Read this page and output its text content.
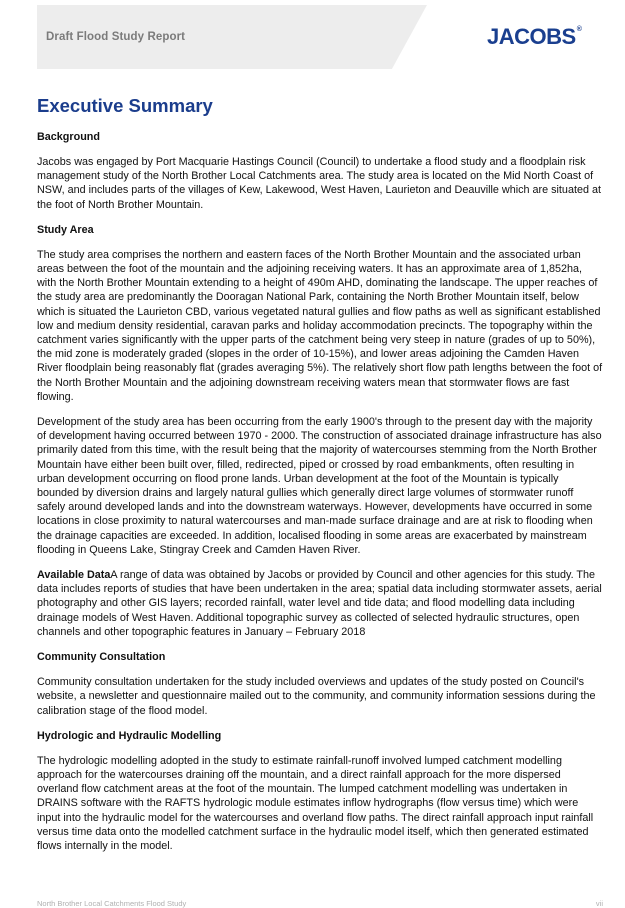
Draft Flood Study Report	JACOBS®
Executive Summary
Background

Jacobs was engaged by Port Macquarie Hastings Council (Council) to undertake a flood study and a floodplain risk management study of the North Brother Local Catchments area. The study area is located on the Mid North Coast of NSW, and includes parts of the villages of Kew, Lakewood, West Haven, Laurieton and Deauville which are situated at the foot of North Brother Mountain.

Study Area

The study area comprises the northern and eastern faces of the North Brother Mountain and the associated urban areas between the foot of the mountain and the adjoining receiving waters. It has an approximate area of 1,852ha, with the North Brother Mountain extending to a height of 490m AHD, dominating the landscape. The upper reaches of the study area are predominantly the Dooragan National Park, containing the North Brother Mountain itself, below which is situated the Laurieton CBD, various vegetated natural gullies and flow paths as well as significant established low and medium density residential, caravan parks and holiday accommodation precincts. The topography within the catchment varies significantly with the upper parts of the catchment being very steep in nature (grades of up to 50%), the mid zone is moderately graded (slopes in the order of 10-15%), and lower areas adjoining the Camden Haven River floodplain being reasonably flat (grades averaging 5%). The relatively short flow path lengths between the foot of the North Brother Mountain and the adjoining downstream receiving waters mean that stormwater flows are fast flowing.

Development of the study area has been occurring from the early 1900's through to the present day with the majority of development having occurred between 1970 - 2000. The construction of associated drainage infrastructure has also primarily dated from this time, with the result being that the majority of watercourses stemming from the North Brother Mountain have either been built over, filled, redirected, piped or crossed by road embankments, often resulting in urban development occurring on flood prone lands. Urban development at the foot of the Mountain is typically bounded by diversion drains and largely natural gullies which generally direct large volumes of stormwater runoff safely around developed lands and into the downstream waterways. However, developments have occurred in some locations in close proximity to natural watercourses and man-made surface drainage and are at risk to flooding when the drainage capacities are exceeded. In addition, localised flooding in some areas are exacerbated by mainstream flooding in Queens Lake, Stingray Creek and Camden Haven River.

Available DataA range of data was obtained by Jacobs or provided by Council and other agencies for this study. The data includes reports of studies that have been undertaken in the area; spatial data including stormwater assets, aerial photography and other GIS layers; recorded rainfall, water level and tide data; and flood modelling data including drainage models of West Haven. Additional topographic survey as collected of selected hydraulic structures, open channels and other topographic features in January – February 2018

Community Consultation

Community consultation undertaken for the study included overviews and updates of the study posted on Council's website, a newsletter and questionnaire mailed out to the community, and community information sessions during the calibration stage of the flood model.

Hydrologic and Hydraulic Modelling

The hydrologic modelling adopted in the study to estimate rainfall-runoff involved lumped catchment modelling approach for the watercourses draining off the mountain, and a direct rainfall approach for the more dispersed overland flow catchment areas at the foot of the mountain. The lumped catchment modelling was undertaken in DRAINS software with the RAFTS hydrologic module estimates inflow hydrographs (flow versus time) which were input into the hydraulic model for the watercourses and overland flow paths. The direct rainfall approach input rainfall versus time data onto the modelled catchment surface in the hydraulic model itself, which then generated estimated flows internally in the model.

North Brother Local Catchments Flood Study	vii
